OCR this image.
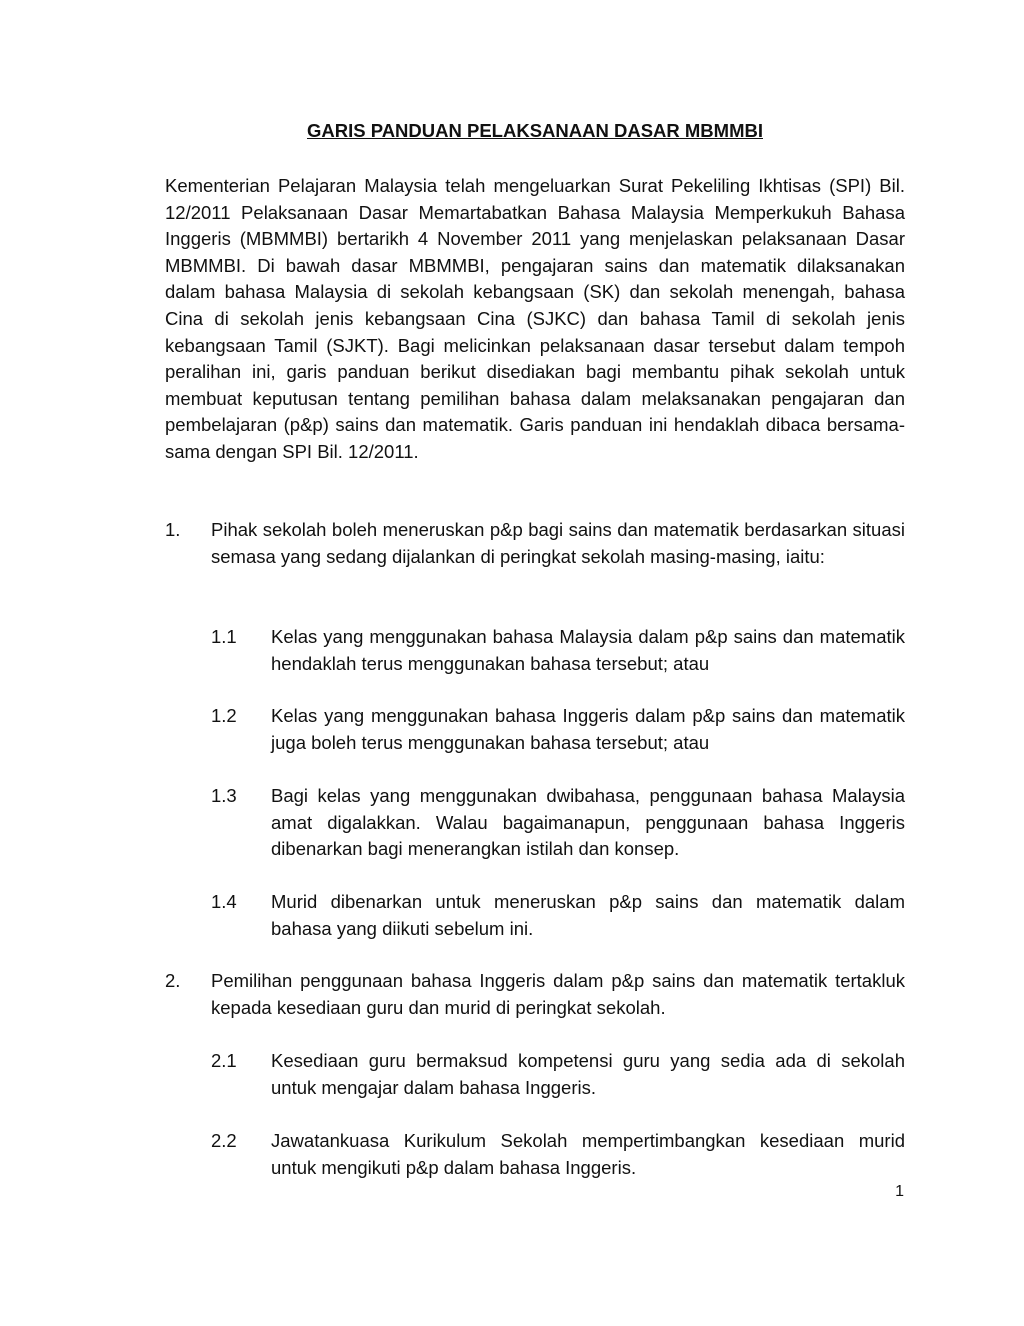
GARIS PANDUAN PELAKSANAAN DASAR MBMMBI
Kementerian Pelajaran Malaysia telah mengeluarkan Surat Pekeliling Ikhtisas (SPI) Bil. 12/2011 Pelaksanaan Dasar Memartabatkan Bahasa Malaysia Memperkukuh Bahasa Inggeris (MBMMBI) bertarikh 4 November 2011 yang menjelaskan pelaksanaan Dasar MBMMBI. Di bawah dasar MBMMBI, pengajaran sains dan matematik dilaksanakan dalam bahasa Malaysia di sekolah kebangsaan (SK) dan sekolah menengah, bahasa Cina di sekolah jenis kebangsaan Cina (SJKC) dan bahasa Tamil di sekolah jenis kebangsaan Tamil (SJKT). Bagi melicinkan pelaksanaan dasar tersebut dalam tempoh peralihan ini, garis panduan berikut disediakan bagi membantu pihak sekolah untuk membuat keputusan tentang pemilihan bahasa dalam melaksanakan pengajaran dan pembelajaran (p&p) sains dan matematik. Garis panduan ini hendaklah dibaca bersama-sama dengan SPI Bil. 12/2011.
1. Pihak sekolah boleh meneruskan p&p bagi sains dan matematik berdasarkan situasi semasa yang sedang dijalankan di peringkat sekolah masing-masing, iaitu:
1.1 Kelas yang menggunakan bahasa Malaysia dalam p&p sains dan matematik hendaklah terus menggunakan bahasa tersebut; atau
1.2 Kelas yang menggunakan bahasa Inggeris dalam p&p sains dan matematik juga boleh terus menggunakan bahasa tersebut; atau
1.3 Bagi kelas yang menggunakan dwibahasa, penggunaan bahasa Malaysia amat digalakkan. Walau bagaimanapun, penggunaan bahasa Inggeris dibenarkan bagi menerangkan istilah dan konsep.
1.4 Murid dibenarkan untuk meneruskan p&p sains dan matematik dalam bahasa yang diikuti sebelum ini.
2. Pemilihan penggunaan bahasa Inggeris dalam p&p sains dan matematik tertakluk kepada kesediaan guru dan murid di peringkat sekolah.
2.1 Kesediaan guru bermaksud kompetensi guru yang sedia ada di sekolah untuk mengajar dalam bahasa Inggeris.
2.2 Jawatankuasa Kurikulum Sekolah mempertimbangkan kesediaan murid untuk mengikuti p&p dalam bahasa Inggeris.
1
